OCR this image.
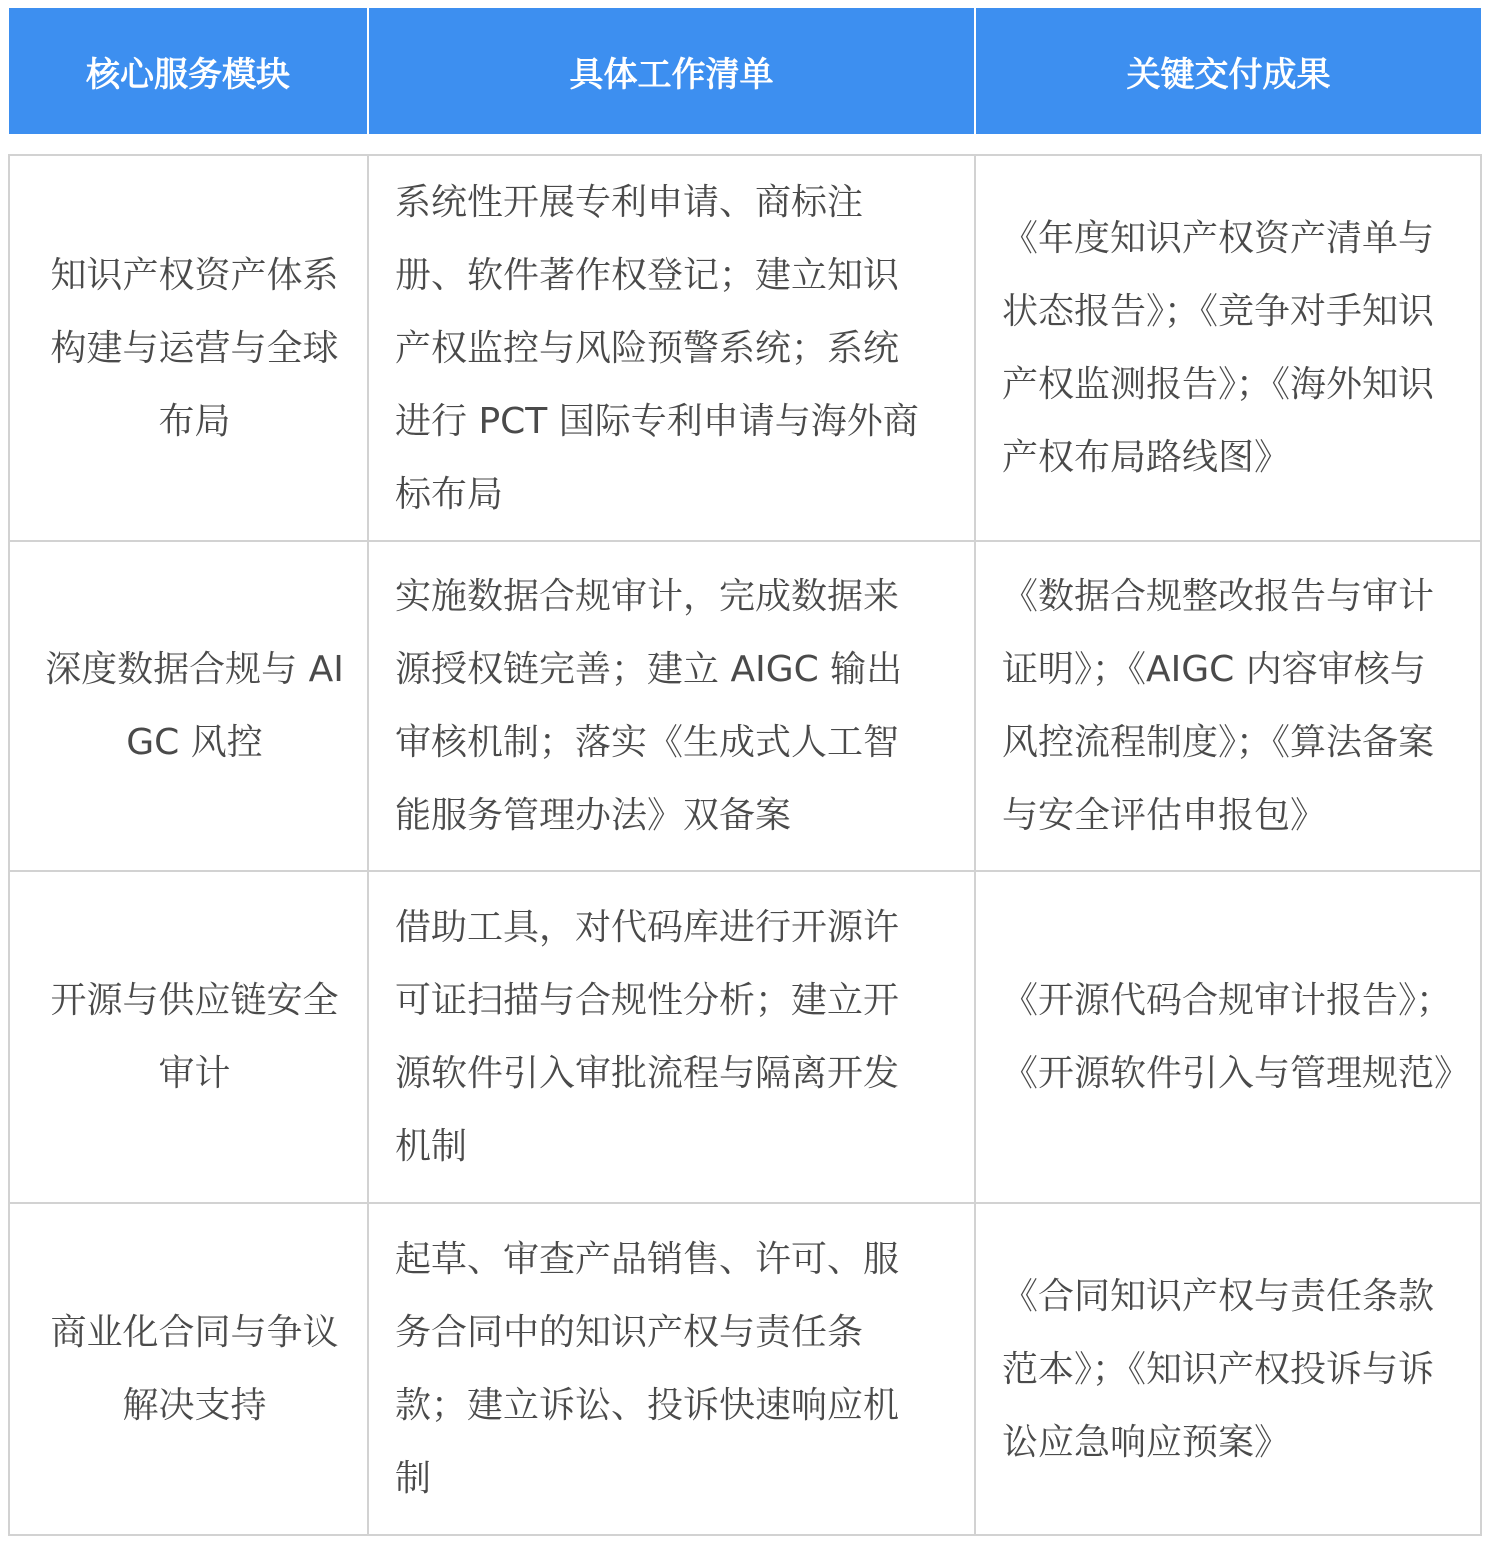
核心服务模块	具体工作清单	关键交付成果

知识产权资产体系构建与运营与全球布局	系统性开展专利申请、商标注册、软件著作权登记；建立知识产权监控与风险预警系统；系统进行 PCT 国际专利申请与海外商标布局	《年度知识产权资产清单与状态报告》；《竞争对手知识产权监测报告》；《海外知识产权布局路线图》
深度数据合规与 AIGC 风控	实施数据合规审计，完成数据来源授权链完善；建立 AIGC 输出审核机制；落实《生成式人工智能服务管理办法》双备案	《数据合规整改报告与审计证明》；《AIGC 内容审核与风控流程制度》；《算法备案与安全评估申报包》
开源与供应链安全审计	借助工具，对代码库进行开源许可证扫描与合规性分析；建立开源软件引入审批流程与隔离开发机制	《开源代码合规审计报告》；《开源软件引入与管理规范》
商业化合同与争议解决支持	起草、审查产品销售、许可、服务合同中的知识产权与责任条款；建立诉讼、投诉快速响应机制	《合同知识产权与责任条款范本》；《知识产权投诉与诉讼应急响应预案》
